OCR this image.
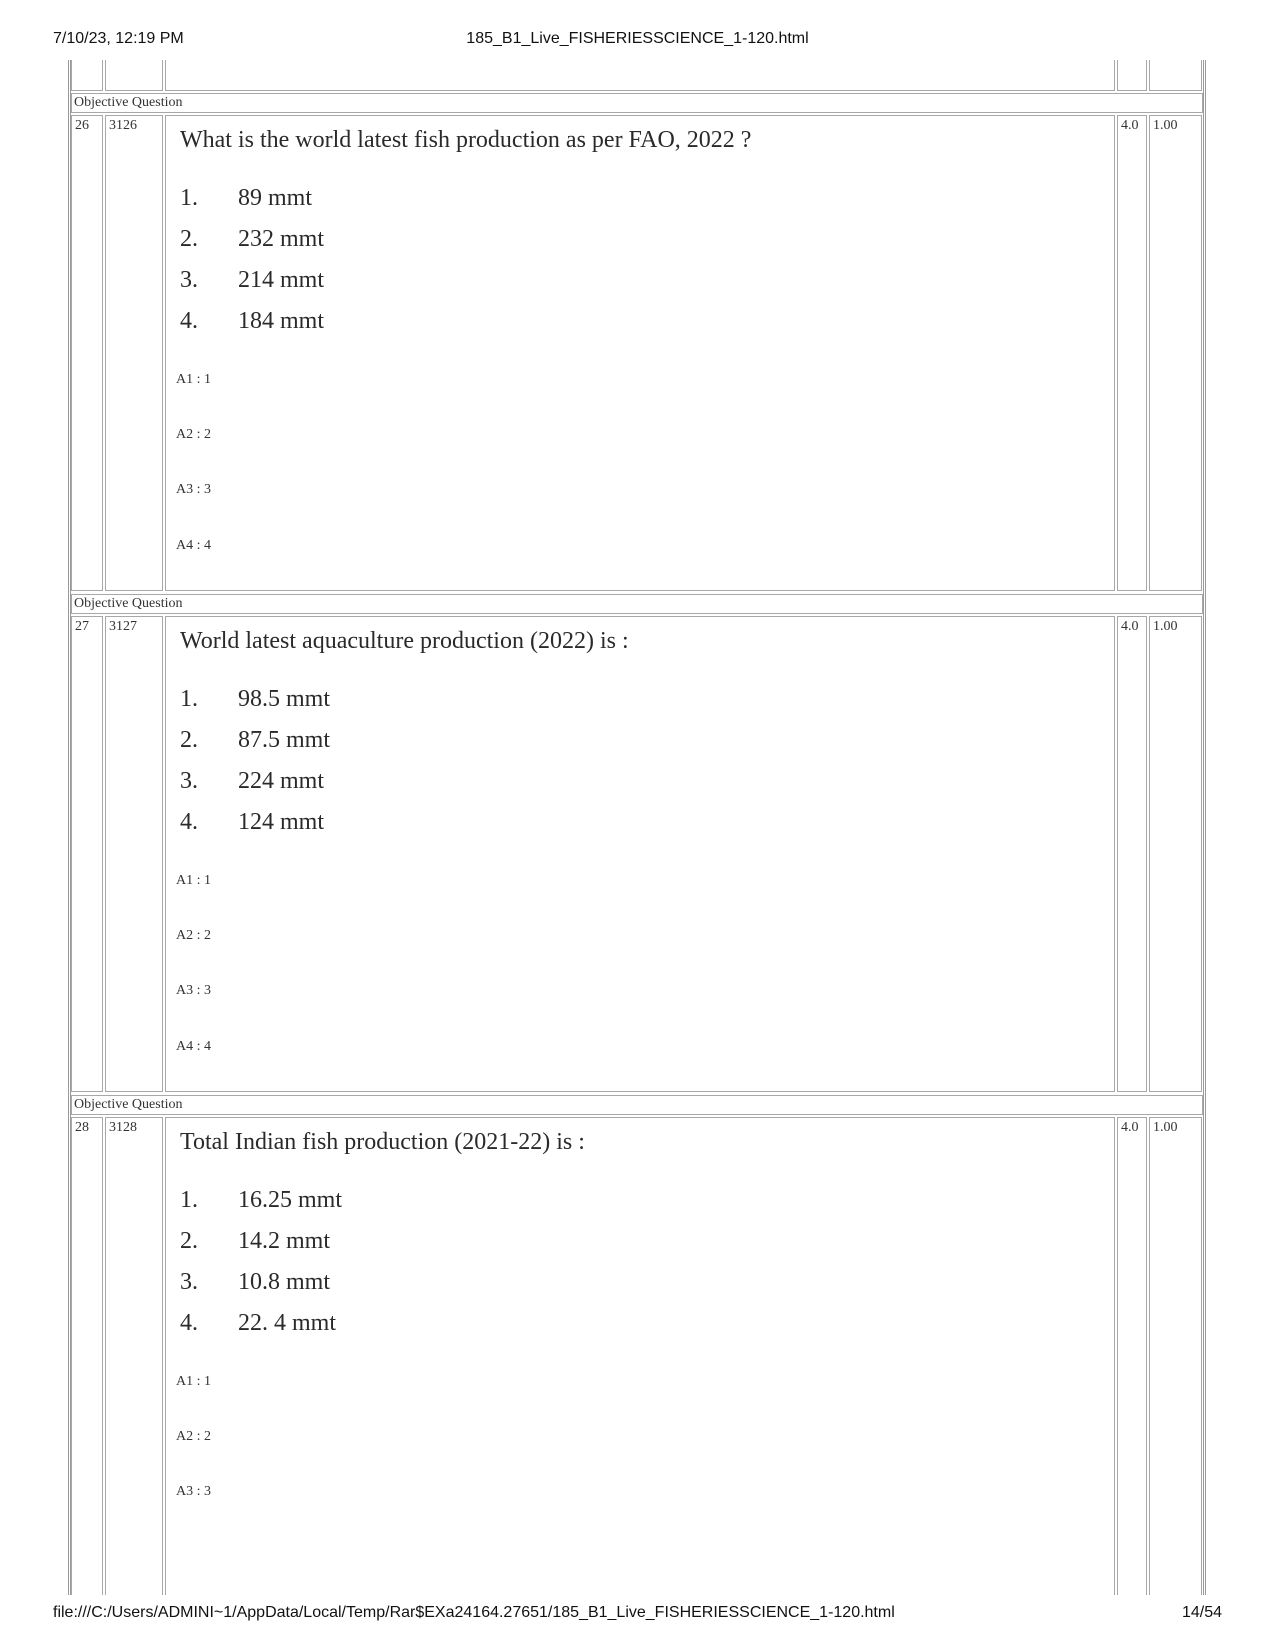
7/10/23, 12:19 PM	185_B1_Live_FISHERIESSCIENCE_1-120.html
Objective Question
26	3126
What is the world latest fish production as per FAO, 2022 ?
1. 89 mmt
2. 232 mmt
3. 214 mmt
4. 184 mmt
A1 : 1
A2 : 2
A3 : 3
A4 : 4
4.0	1.00
Objective Question
27	3127
World latest aquaculture production (2022) is :
1. 98.5 mmt
2. 87.5 mmt
3. 224 mmt
4. 124 mmt
A1 : 1
A2 : 2
A3 : 3
A4 : 4
4.0	1.00
Objective Question
28	3128
Total Indian fish production (2021-22) is :
1. 16.25 mmt
2. 14.2 mmt
3. 10.8 mmt
4. 22. 4 mmt
A1 : 1
A2 : 2
A3 : 3
4.0	1.00
file:///C:/Users/ADMINI~1/AppData/Local/Temp/Rar$EXa24164.27651/185_B1_Live_FISHERIESSCIENCE_1-120.html	14/54
